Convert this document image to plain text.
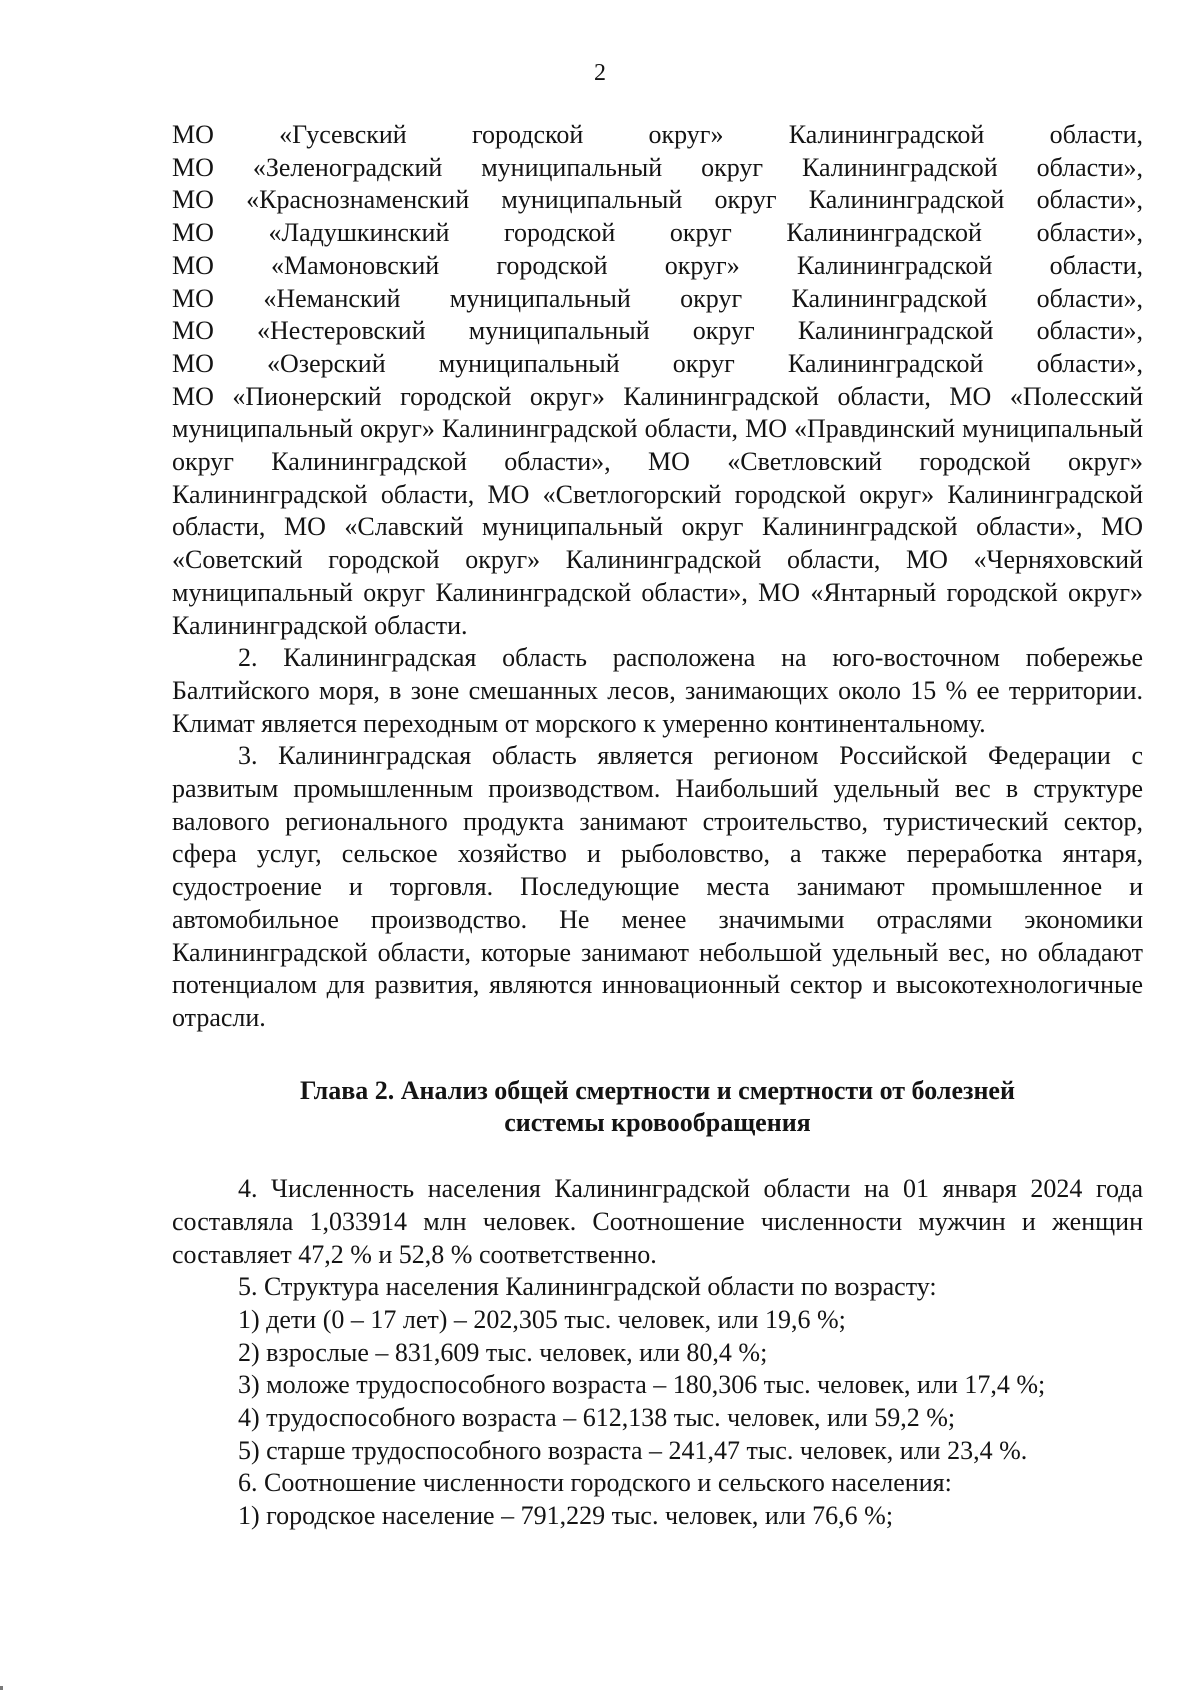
2

МО «Гусевский городской округ» Калининградской области,

МО «Зеленоградский муниципальный округ Калининградской области»,

МО «Краснознаменский муниципальный округ Калининградской области»,

МО «Ладушкинский городской округ Калининградской области»,

МО «Мамоновский городской округ» Калининградской области,

МО «Неманский муниципальный округ Калининградской области»,

МО «Нестеровский муниципальный округ Калининградской области»,

МО «Озерский муниципальный округ Калининградской области»,

МО «Пионерский городской округ» Калининградской области, МО «Полесский муниципальный округ» Калининградской области, МО «Правдинский муниципальный округ Калининградской области», МО «Светловский городской округ» Калининградской области, МО «Светлогорский городской округ» Калининградской области, МО «Славский муниципальный округ Калининградской области», МО «Советский городской округ» Калининградской области, МО «Черняховский муниципальный округ Калининградской области», МО «Янтарный городской округ» Калининградской области.

2. Калининградская область расположена на юго-восточном побережье Балтийского моря, в зоне смешанных лесов, занимающих около 15 % ее территории. Климат является переходным от морского к умеренно континентальному.

3. Калининградская область является регионом Российской Федерации с развитым промышленным производством. Наибольший удельный вес в структуре валового регионального продукта занимают строительство, туристический сектор, сфера услуг, сельское хозяйство и рыболовство, а также переработка янтаря, судостроение и торговля. Последующие места занимают промышленное и автомобильное производство. Не менее значимыми отраслями экономики Калининградской области, которые занимают небольшой удельный вес, но обладают потенциалом для развития, являются инновационный сектор и высокотехнологичные отрасли.

Глава 2. Анализ общей смертности и смертности от болезней
системы кровообращения

4. Численность населения Калининградской области на 01 января 2024 года составляла 1,033914 млн человек. Соотношение численности мужчин и женщин составляет 47,2 % и 52,8 % соответственно.

5. Структура населения Калининградской области по возрасту:

1) дети (0 – 17 лет) – 202,305 тыс. человек, или 19,6 %;

2) взрослые – 831,609 тыс. человек, или 80,4 %;

3) моложе трудоспособного возраста – 180,306 тыс. человек, или 17,4 %;

4) трудоспособного возраста – 612,138 тыс. человек, или 59,2 %;

5) старше трудоспособного возраста – 241,47 тыс. человек, или 23,4 %.

6. Соотношение численности городского и сельского населения:

1) городское население – 791,229 тыс. человек, или 76,6 %;
